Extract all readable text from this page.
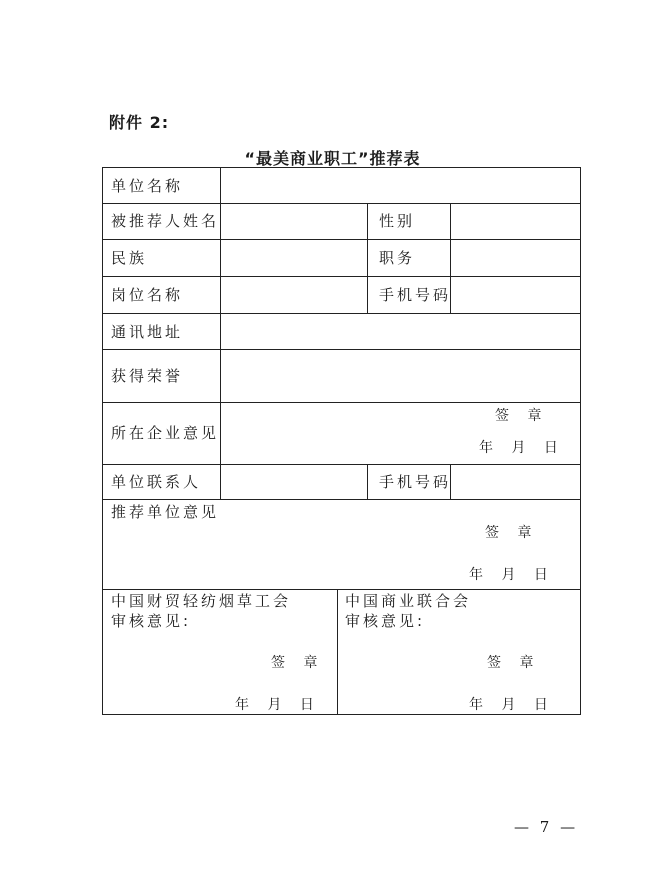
附件 2:
“最美商业职工”推荐表
单位名称
被推荐人姓名	性别
民族	职务
岗位名称	手机号码
通讯地址
获得荣誉
所在企业意见
签 章
年 月 日
单位联系人	手机号码
推荐单位意见
签 章
年 月 日
中国财贸轻纺烟草工会
审核意见:
签 章
年 月 日
中国商业联合会
审核意见:
签 章
年 月 日
— 7 —
